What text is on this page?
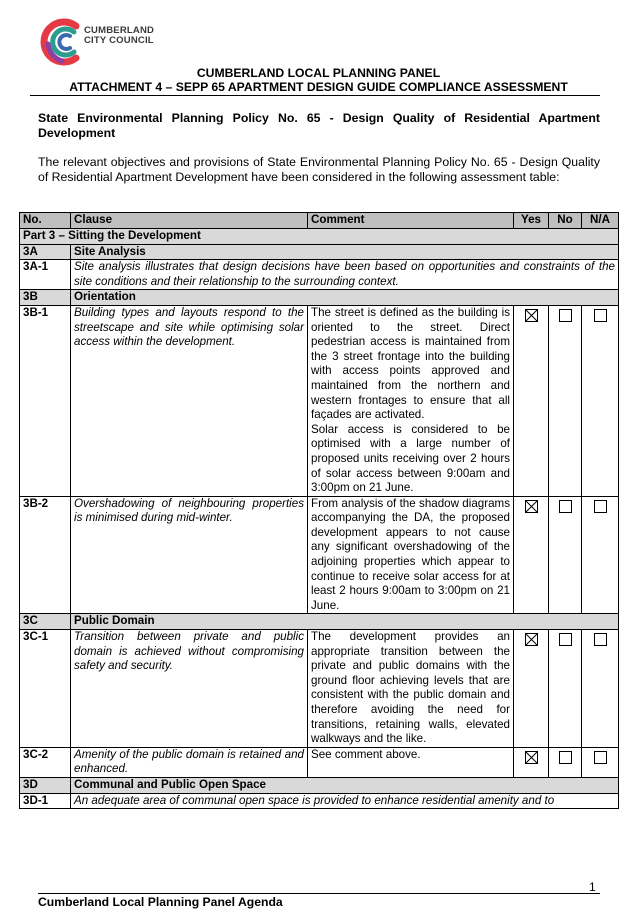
CUMBERLAND
CITY COUNCIL
CUMBERLAND LOCAL PLANNING PANEL
ATTACHMENT 4 – SEPP 65 APARTMENT DESIGN GUIDE COMPLIANCE ASSESSMENT
State Environmental Planning Policy No. 65 - Design Quality of Residential Apartment Development
The relevant objectives and provisions of State Environmental Planning Policy No. 65 - Design Quality of Residential Apartment Development have been considered in the following assessment table:
No.	Clause	Comment	Yes	No	N/A
Part 3 – Sitting the Development					
3A	Site Analysis				
3A-1	Site analysis illustrates that design decisions have been based on opportunities and constraints of the site conditions and their relationship to the surrounding context.				
3B	Orientation				
3B-1	Building types and layouts respond to the streetscape and site while optimising solar access within the development.	The street is defined as the building is oriented to the street. Direct pedestrian access is maintained from the 3 street frontage into the building with access points approved and maintained from the northern and western frontages to ensure that all façades are activated.
Solar access is considered to be optimised with a large number of proposed units receiving over 2 hours of solar access between 9:00am and 3:00pm on 21 June.

3B-2	Overshadowing of neighbouring properties is minimised during mid-winter.	From analysis of the shadow diagrams accompanying the DA, the proposed development appears to not cause any significant overshadowing of the adjoining properties which appear to continue to receive solar access for at least 2 hours 9:00am to 3:00pm on 21 June.	

3C	Public Domain				
3C-1	Transition between private and public domain is achieved without compromising safety and security.	The development provides an appropriate transition between the private and public domains with the ground floor achieving levels that are consistent with the public domain and therefore avoiding the need for transitions, retaining walls, elevated walkways and the like.	

3C-2	Amenity of the public domain is retained and enhanced.	See comment above.	

3D	Communal and Public Open Space				
3D-1	An adequate area of communal open space is provided to enhance residential amenity and to				
1
Cumberland Local Planning Panel Agenda
